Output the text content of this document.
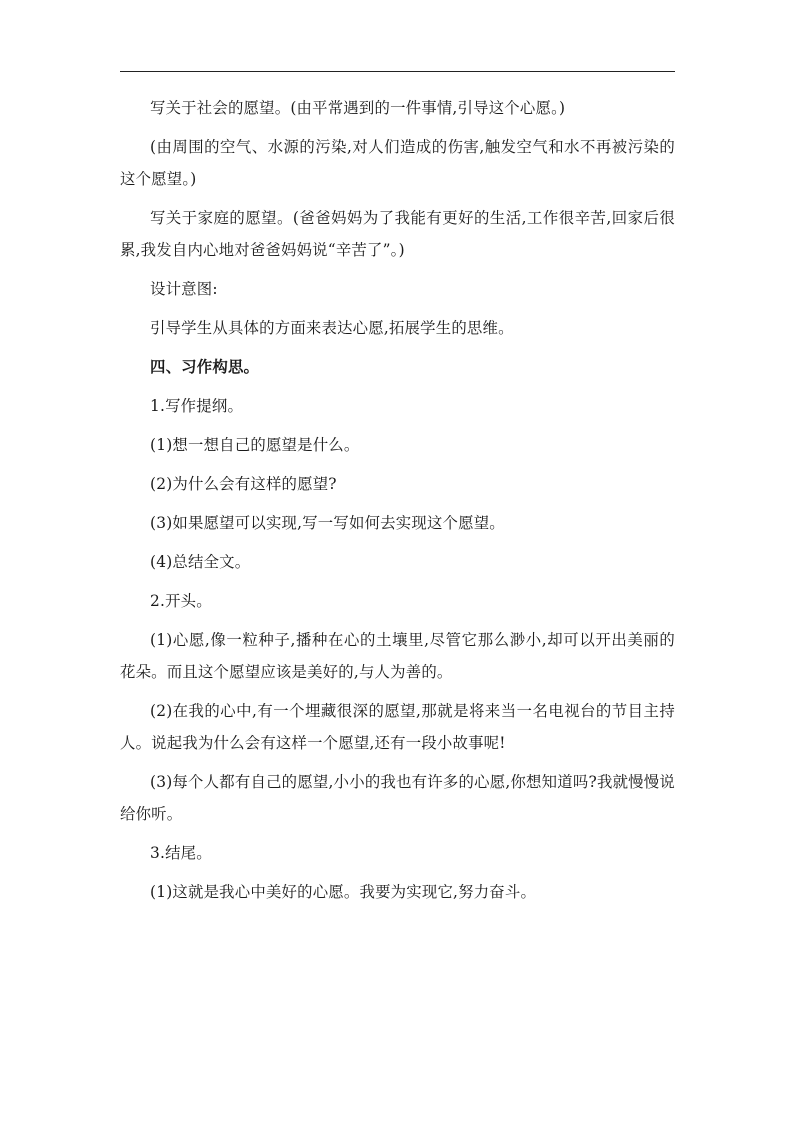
写关于社会的愿望。(由平常遇到的一件事情,引导这个心愿。)

(由周围的空气、水源的污染,对人们造成的伤害,触发空气和水不再被污染的这个愿望。)

写关于家庭的愿望。(爸爸妈妈为了我能有更好的生活,工作很辛苦,回家后很累,我发自内心地对爸爸妈妈说“辛苦了”。)

设计意图:

引导学生从具体的方面来表达心愿,拓展学生的思维。

四、习作构思。

1.写作提纲。

(1)想一想自己的愿望是什么。

(2)为什么会有这样的愿望?

(3)如果愿望可以实现,写一写如何去实现这个愿望。

(4)总结全文。

2.开头。

(1)心愿,像一粒种子,播种在心的土壤里,尽管它那么渺小,却可以开出美丽的花朵。而且这个愿望应该是美好的,与人为善的。

(2)在我的心中,有一个埋藏很深的愿望,那就是将来当一名电视台的节目主持人。说起我为什么会有这样一个愿望,还有一段小故事呢!

(3)每个人都有自己的愿望,小小的我也有许多的心愿,你想知道吗?我就慢慢说给你听。

3.结尾。

(1)这就是我心中美好的心愿。我要为实现它,努力奋斗。
